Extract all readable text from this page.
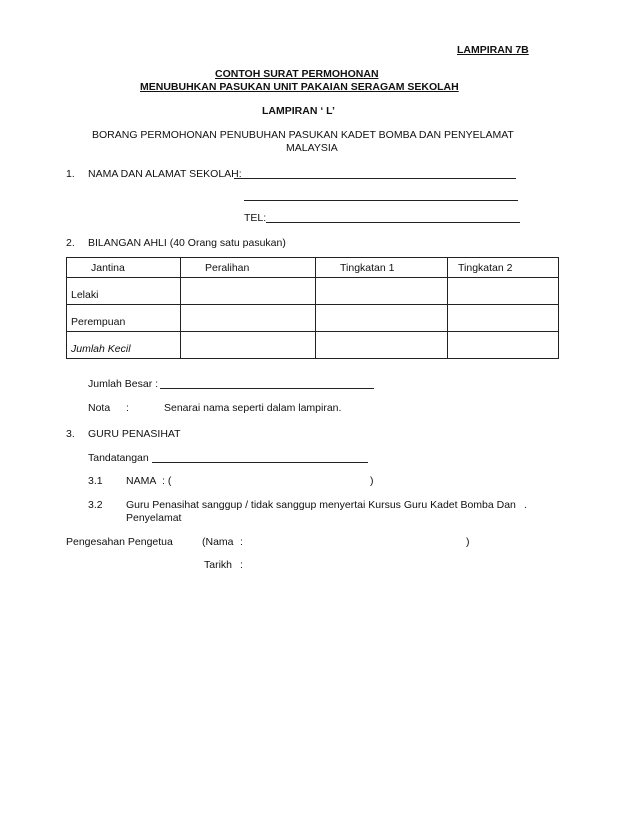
LAMPIRAN 7B
CONTOH SURAT PERMOHONAN
MENUBUHKAN PASUKAN UNIT PAKAIAN SERAGAM SEKOLAH
LAMPIRAN ‘ L’
BORANG PERMOHONAN PENUBUHAN PASUKAN KADET BOMBA DAN PENYELAMAT
MALAYSIA
1. NAMA DAN ALAMAT SEKOLAH:
TEL:
2. BILANGAN AHLI (40 Orang satu pasukan)
Jantina	Peralihan	Tingkatan 1	Tingkatan 2
Lelaki			
Perempuan			
Jumlah Kecil			
Jumlah Besar :
Nota :	Senarai nama seperti dalam lampiran.
3. GURU PENASIHAT
Tandatangan
3.1 NAMA : (	)
3.2 Guru Penasihat sanggup / tidak sanggup menyertai Kursus Guru Kadet Bomba Dan .
Penyelamat
Pengesahan Pengetua	(Nama :	)
Tarikh :
